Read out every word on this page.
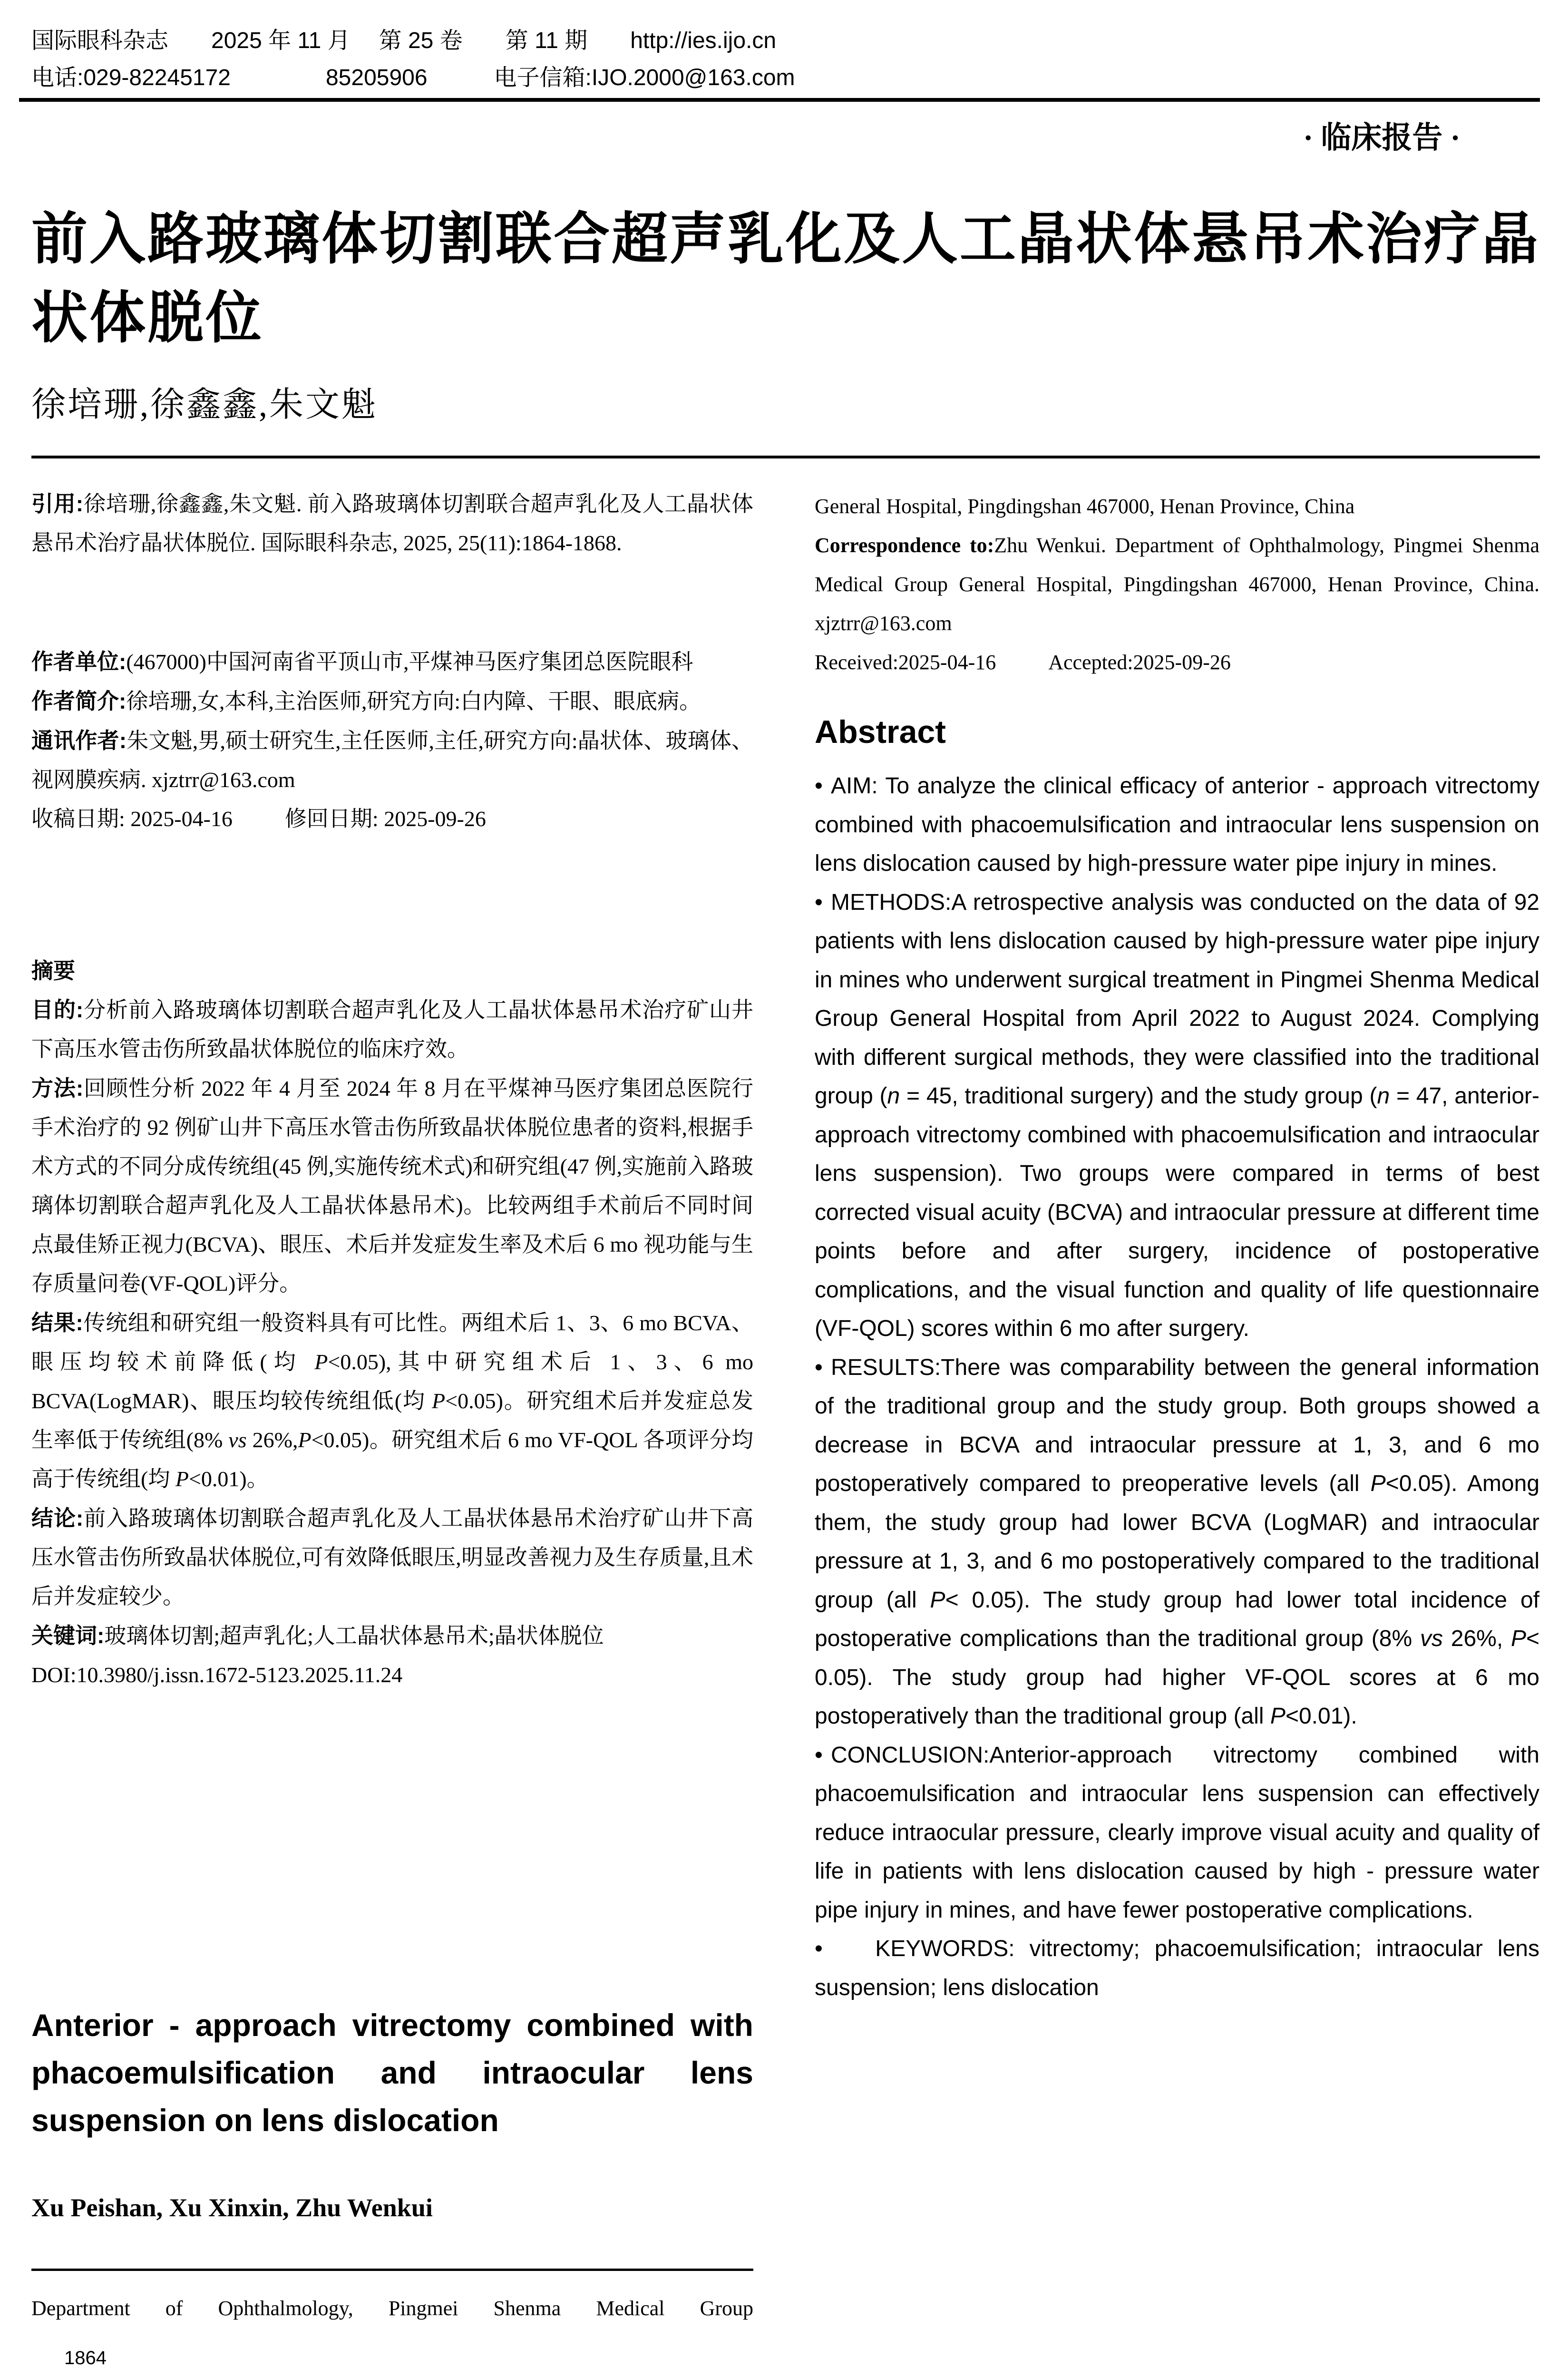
国际眼科杂志 2025 年 11 月 第 25 卷 第 11 期 http://ies.ijo.cn
电话:029-82245172	85205906	电子信箱:IJO.2000@163.com
· 临床报告 ·
前入路玻璃体切割联合超声乳化及人工晶状体悬吊术治疗晶状体脱位
徐培珊,徐鑫鑫,朱文魁

引用:徐培珊,徐鑫鑫,朱文魁. 前入路玻璃体切割联合超声乳化及人工晶状体悬吊术治疗晶状体脱位. 国际眼科杂志, 2025, 25(11):1864-1868.

作者单位:(467000)中国河南省平顶山市,平煤神马医疗集团总医院眼科

作者简介:徐培珊,女,本科,主治医师,研究方向:白内障、干眼、眼底病。

通讯作者:朱文魁,男,硕士研究生,主任医师,主任,研究方向:晶状体、玻璃体、视网膜疾病. xjztrr@163.com

收稿日期: 2025-04-16 修回日期: 2025-09-26

摘要

目的:分析前入路玻璃体切割联合超声乳化及人工晶状体悬吊术治疗矿山井下高压水管击伤所致晶状体脱位的临床疗效。

方法:回顾性分析 2022 年 4 月至 2024 年 8 月在平煤神马医疗集团总医院行手术治疗的 92 例矿山井下高压水管击伤所致晶状体脱位患者的资料,根据手术方式的不同分成传统组(45 例,实施传统术式)和研究组(47 例,实施前入路玻璃体切割联合超声乳化及人工晶状体悬吊术)。比较两组手术前后不同时间点最佳矫正视力(BCVA)、眼压、术后并发症发生率及术后 6 mo 视功能与生存质量问卷(VF-QOL)评分。

结果:传统组和研究组一般资料具有可比性。两组术后 1、3、6 mo BCVA、眼压均较术前降低(均 P<0.05),其中研究组术后 1、3、6 mo BCVA(LogMAR)、眼压均较传统组低(均 P<0.05)。研究组术后并发症总发生率低于传统组(8% vs 26%,P<0.05)。研究组术后 6 mo VF-QOL 各项评分均高于传统组(均 P<0.01)。

结论:前入路玻璃体切割联合超声乳化及人工晶状体悬吊术治疗矿山井下高压水管击伤所致晶状体脱位,可有效降低眼压,明显改善视力及生存质量,且术后并发症较少。

关键词:玻璃体切割;超声乳化;人工晶状体悬吊术;晶状体脱位

DOI:10.3980/j.issn.1672-5123.2025.11.24

Anterior - approach vitrectomy combined with phacoemulsification and intraocular lens suspension on lens dislocation
Xu Peishan, Xu Xinxin, Zhu Wenkui
Department of Ophthalmology, Pingmei Shenma Medical Group
1864

General Hospital, Pingdingshan 467000, Henan Province, China

Correspondence to:Zhu Wenkui. Department of Ophthalmology, Pingmei Shenma Medical Group General Hospital, Pingdingshan 467000, Henan Province, China. xjztrr@163.com

Received:2025-04-16	Accepted:2025-09-26

Abstract

• AIM: To analyze the clinical efficacy of anterior - approach vitrectomy combined with phacoemulsification and intraocular lens suspension on lens dislocation caused by high-pressure water pipe injury in mines.

• METHODS:A retrospective analysis was conducted on the data of 92 patients with lens dislocation caused by high-pressure water pipe injury in mines who underwent surgical treatment in Pingmei Shenma Medical Group General Hospital from April 2022 to August 2024. Complying with different surgical methods, they were classified into the traditional group (n = 45, traditional surgery) and the study group (n = 47, anterior-approach vitrectomy combined with phacoemulsification and intraocular lens suspension). Two groups were compared in terms of best corrected visual acuity (BCVA) and intraocular pressure at different time points before and after surgery, incidence of postoperative complications, and the visual function and quality of life questionnaire (VF-QOL) scores within 6 mo after surgery.

• RESULTS:There was comparability between the general information of the traditional group and the study group. Both groups showed a decrease in BCVA and intraocular pressure at 1, 3, and 6 mo postoperatively compared to preoperative levels (all P<0.05). Among them, the study group had lower BCVA (LogMAR) and intraocular pressure at 1, 3, and 6 mo postoperatively compared to the traditional group (all P< 0.05). The study group had lower total incidence of postoperative complications than the traditional group (8% vs 26%, P< 0.05). The study group had higher VF-QOL scores at 6 mo postoperatively than the traditional group (all P<0.01).

• CONCLUSION:Anterior-approach vitrectomy combined with phacoemulsification and intraocular lens suspension can effectively reduce intraocular pressure, clearly improve visual acuity and quality of life in patients with lens dislocation caused by high - pressure water pipe injury in mines, and have fewer postoperative complications.

• KEYWORDS: vitrectomy; phacoemulsification; intraocular lens suspension; lens dislocation
